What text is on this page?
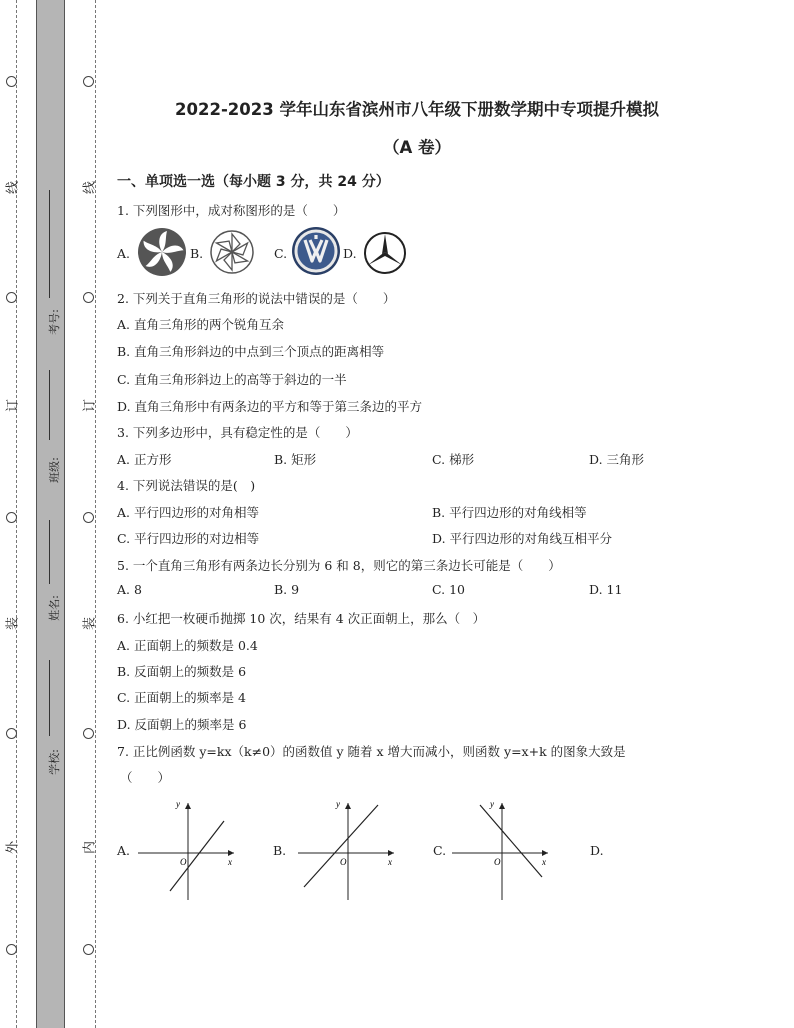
线
订
装
外
线
订
装
内
考号:
班级:
姓名:
学校:
2022-2023 学年山东省滨州市八年级下册数学期中专项提升模拟
（A 卷）
一、单项选一选（每小题 3 分，共 24 分）
1. 下列图形中，成对称图形的是（　　）
A.	B.	C.	D.
2. 下列关于直角三角形的说法中错误的是（　　）
A. 直角三角形的两个锐角互余
B. 直角三角形斜边的中点到三个顶点的距离相等
C. 直角三角形斜边上的高等于斜边的一半
D. 直角三角形中有两条边的平方和等于第三条边的平方
3. 下列多边形中，具有稳定性的是（　　）
A. 正方形	B. 矩形	C. 梯形	D. 三角形
4. 下列说法错误的是(　)
A. 平行四边形的对角相等	B. 平行四边形的对角线相等
C. 平行四边形的对边相等	D. 平行四边形的对角线互相平分
5. 一个直角三角形有两条边长分别为 6 和 8，则它的第三条边长可能是（　　）
A. 8	B. 9	C. 10	D. 11
6. 小红把一枚硬币抛掷 10 次，结果有 4 次正面朝上，那么（　）
A. 正面朝上的频数是 0.4
B. 反面朝上的频数是 6
C. 正面朝上的频率是 4
D. 反面朝上的频率是 6
7. 正比例函数 y=kx（k≠0）的函数值 y 随着 x 增大而减小，则函数 y=x+k 的图象大致是
（　　）
A.	B.	C.	D.
O	x
y
O	x
y
O	x
y
